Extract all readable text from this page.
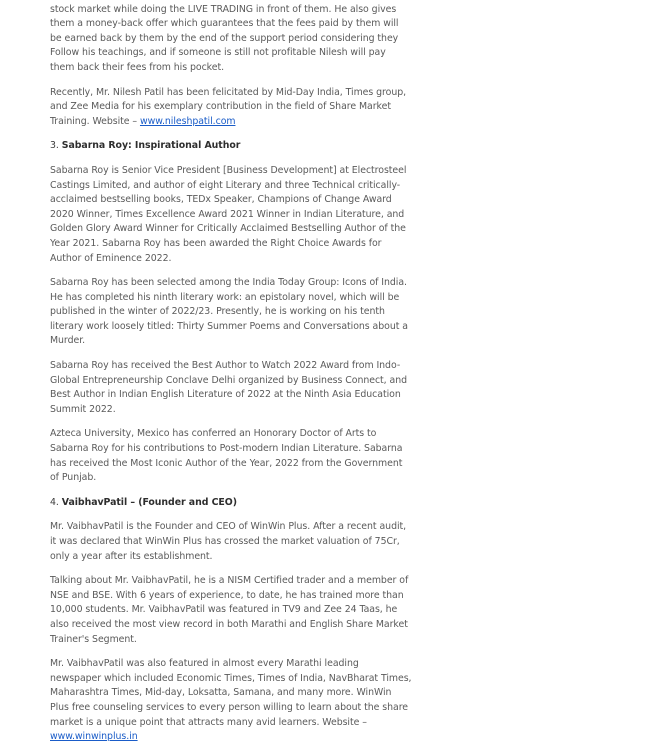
stock market while doing the LIVE TRADING in front of them. He also gives them a money-back offer which guarantees that the fees paid by them will be earned back by them by the end of the support period considering they Follow his teachings, and if someone is still not profitable Nilesh will pay them back their fees from his pocket.

Recently, Mr. Nilesh Patil has been felicitated by Mid-Day India, Times group, and Zee Media for his exemplary contribution in the field of Share Market Training. Website – www.nileshpatil.com

3. Sabarna Roy: Inspirational Author

Sabarna Roy is Senior Vice President [Business Development] at Electrosteel Castings Limited, and author of eight Literary and three Technical critically-acclaimed bestselling books, TEDx Speaker, Champions of Change Award 2020 Winner, Times Excellence Award 2021 Winner in Indian Literature, and Golden Glory Award Winner for Critically Acclaimed Bestselling Author of the Year 2021. Sabarna Roy has been awarded the Right Choice Awards for Author of Eminence 2022.

Sabarna Roy has been selected among the India Today Group: Icons of India. He has completed his ninth literary work: an epistolary novel, which will be published in the winter of 2022/23. Presently, he is working on his tenth literary work loosely titled: Thirty Summer Poems and Conversations about a Murder.

Sabarna Roy has received the Best Author to Watch 2022 Award from Indo-Global Entrepreneurship Conclave Delhi organized by Business Connect, and Best Author in Indian English Literature of 2022 at the Ninth Asia Education Summit 2022.

Azteca University, Mexico has conferred an Honorary Doctor of Arts to Sabarna Roy for his contributions to Post-modern Indian Literature. Sabarna has received the Most Iconic Author of the Year, 2022 from the Government of Punjab.

4. VaibhavPatil – (Founder and CEO)

Mr. VaibhavPatil is the Founder and CEO of WinWin Plus. After a recent audit, it was declared that WinWin Plus has crossed the market valuation of 75Cr, only a year after its establishment.

Talking about Mr. VaibhavPatil, he is a NISM Certified trader and a member of NSE and BSE. With 6 years of experience, to date, he has trained more than 10,000 students. Mr. VaibhavPatil was featured in TV9 and Zee 24 Taas, he also received the most view record in both Marathi and English Share Market Trainer's Segment.

Mr. VaibhavPatil was also featured in almost every Marathi leading newspaper which included Economic Times, Times of India, NavBharat Times, Maharashtra Times, Mid-day, Loksatta, Samana, and many more. WinWin Plus free counseling services to every person willing to learn about the share market is a unique point that attracts many avid learners. Website – www.winwinplus.in
